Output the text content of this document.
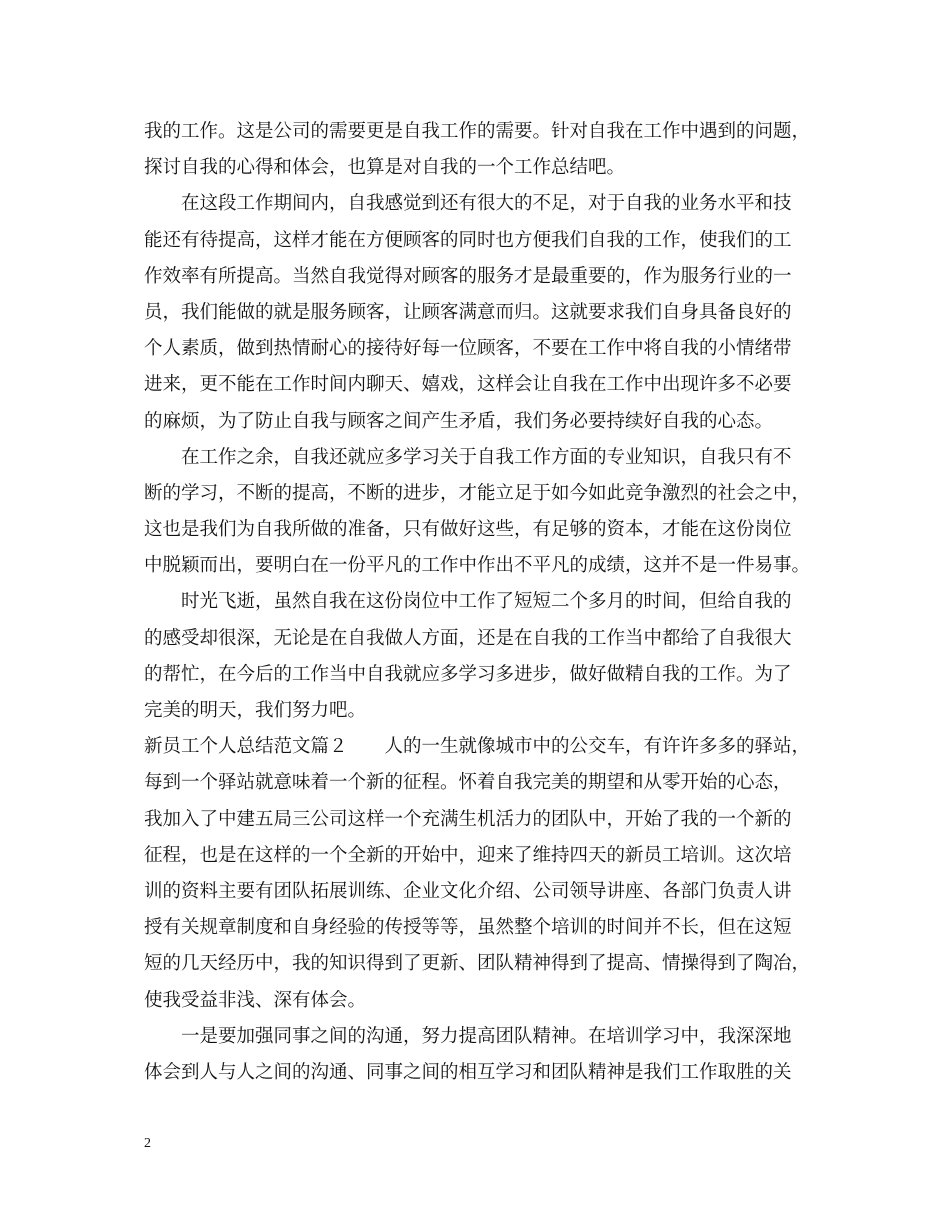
我的工作。这是公司的需要更是自我工作的需要。针对自我在工作中遇到的问题，
探讨自我的心得和体会，也算是对自我的一个工作总结吧。
　　在这段工作期间内，自我感觉到还有很大的不足，对于自我的业务水平和技
能还有待提高，这样才能在方便顾客的同时也方便我们自我的工作，使我们的工
作效率有所提高。当然自我觉得对顾客的服务才是最重要的，作为服务行业的一
员，我们能做的就是服务顾客，让顾客满意而归。这就要求我们自身具备良好的
个人素质，做到热情耐心的接待好每一位顾客，不要在工作中将自我的小情绪带
进来，更不能在工作时间内聊天、嬉戏，这样会让自我在工作中出现许多不必要
的麻烦，为了防止自我与顾客之间产生矛盾，我们务必要持续好自我的心态。
　　在工作之余，自我还就应多学习关于自我工作方面的专业知识，自我只有不
断的学习，不断的提高，不断的进步，才能立足于如今如此竞争激烈的社会之中，
这也是我们为自我所做的准备，只有做好这些，有足够的资本，才能在这份岗位
中脱颖而出，要明白在一份平凡的工作中作出不平凡的成绩，这并不是一件易事。
　　时光飞逝，虽然自我在这份岗位中工作了短短二个多月的时间，但给自我的
的感受却很深，无论是在自我做人方面，还是在自我的工作当中都给了自我很大
的帮忙，在今后的工作当中自我就应多学习多进步，做好做精自我的工作。为了
完美的明天，我们努力吧。
新员工个人总结范文篇２　　人的一生就像城市中的公交车，有许许多多的驿站，
每到一个驿站就意味着一个新的征程。怀着自我完美的期望和从零开始的心态，
我加入了中建五局三公司这样一个充满生机活力的团队中，开始了我的一个新的
征程，也是在这样的一个全新的开始中，迎来了维持四天的新员工培训。这次培
训的资料主要有团队拓展训练、企业文化介绍、公司领导讲座、各部门负责人讲
授有关规章制度和自身经验的传授等等，虽然整个培训的时间并不长，但在这短
短的几天经历中，我的知识得到了更新、团队精神得到了提高、情操得到了陶冶，
使我受益非浅、深有体会。
　　一是要加强同事之间的沟通，努力提高团队精神。在培训学习中，我深深地
体会到人与人之间的沟通、同事之间的相互学习和团队精神是我们工作取胜的关
2
